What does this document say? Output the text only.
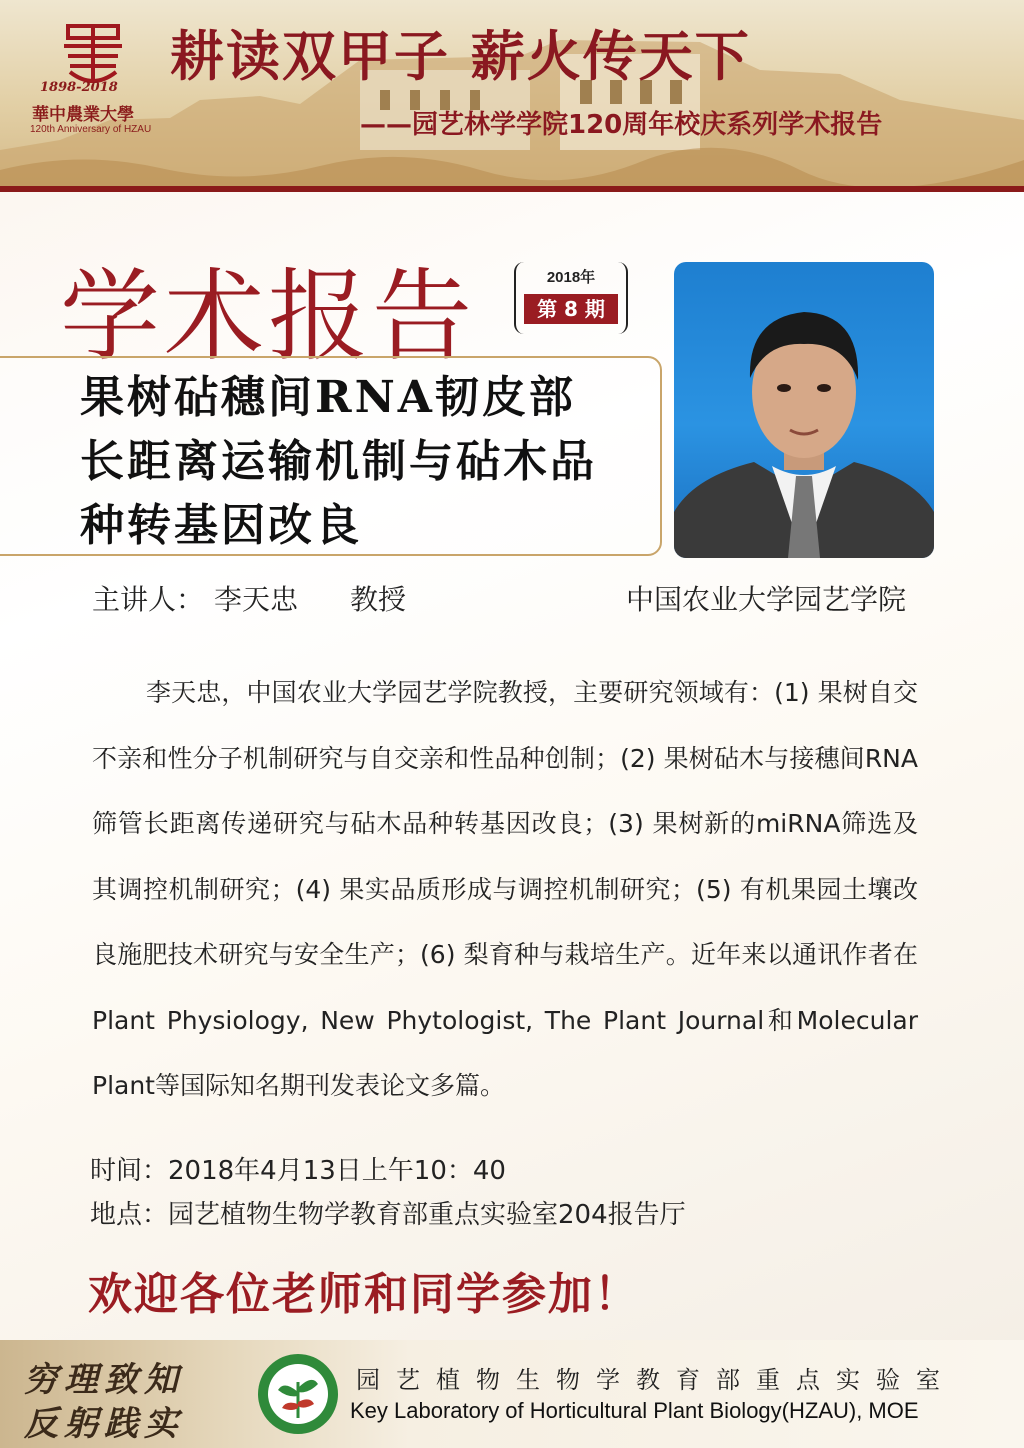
1898-2018
華中農業大學
120th Anniversary of HZAU
耕读双甲子 薪火传天下
——园艺林学学院120周年校庆系列学术报告
学术报告	2018年
第 8 期
果树砧穗间RNA韧皮部长距离运输机制与砧木品种转基因改良
主讲人： 李天忠 教授	中国农业大学园艺学院
李天忠，中国农业大学园艺学院教授，主要研究领域有：(1) 果树自交不亲和性分子机制研究与自交亲和性品种创制；(2) 果树砧木与接穗间RNA筛管长距离传递研究与砧木品种转基因改良；(3) 果树新的miRNA筛选及其调控机制研究；(4) 果实品质形成与调控机制研究；(5) 有机果园土壤改良施肥技术研究与安全生产；(6) 梨育种与栽培生产。近年来以通讯作者在Plant Physiology, New Phytologist, The Plant Journal和Molecular Plant等国际知名期刊发表论文多篇。
时间：2018年4月13日上午10：40
地点：园艺植物生物学教育部重点实验室204报告厅
欢迎各位老师和同学参加！
穷理致知
反躬践实
园艺植物生物学教育部重点实验室
Key Laboratory of Horticultural Plant Biology(HZAU), MOE
